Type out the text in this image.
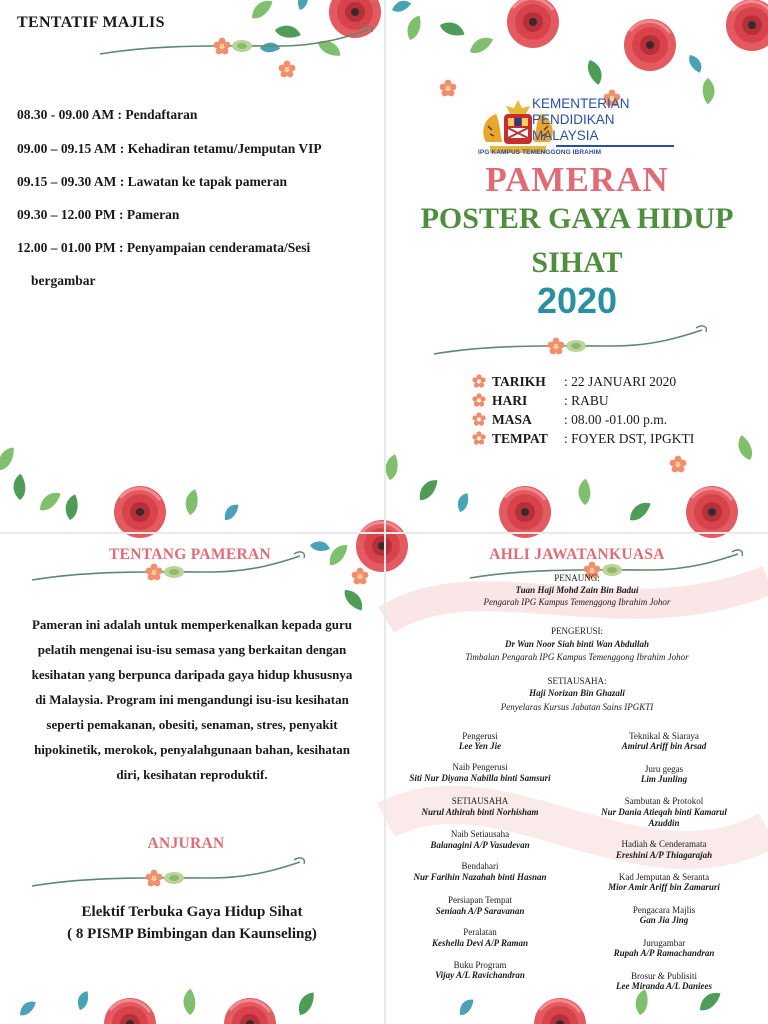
TENTATIF MAJLIS
08.30 - 09.00 AM : Pendaftaran
09.00 – 09.15 AM : Kehadiran tetamu/Jemputan VIP
09.15 – 09.30 AM : Lawatan ke tapak pameran
09.30 – 12.00 PM : Pameran
12.00 – 01.00 PM : Penyampaian cenderamata/Sesi
bergambar
KEMENTERIAN
PENDIDIKAN
MALAYSIA
IPG KAMPUS TEMENGGONG IBRAHIM
PAMERAN
POSTER GAYA HIDUP
SIHAT
2020
TARIKH : 22 JANUARI 2020
HARI	: RABU
MASA : 08.00 -01.00 p.m.
TEMPAT : FOYER DST, IPGKTI
TENTANG PAMERAN
Pameran ini adalah untuk memperkenalkan kepada guru
pelatih mengenai isu-isu semasa yang berkaitan dengan
kesihatan yang berpunca daripada gaya hidup khususnya
di Malaysia. Program ini mengandungi isu-isu kesihatan
seperti pemakanan, obesiti, senaman, stres, penyakit
hipokinetik, merokok, penyalahgunaan bahan, kesihatan
diri, kesihatan reproduktif.
ANJURAN
Elektif Terbuka Gaya Hidup Sihat
( 8 PISMP Bimbingan dan Kaunseling)
AHLI JAWATANKUASA
PENAUNG:
Tuan Haji Mohd Zain Bin Badui
Pengarah IPG Kampus Temenggong Ibrahim Johor
PENGERUSI:
Dr Wan Noor Siah binti Wan Abdullah
Timbalan Pengarah IPG Kampus Temenggong Ibrahim Johor
SETIAUSAHA:
Haji Norizan Bin Ghazali
Penyelaras Kursus Jabatan Sains IPGKTI
Pengerusi
Lee Yen Jie
Naib Pengerusi
Siti Nur Diyana Nabilla binti Samsuri
SETIAUSAHA
Nurul Athirah binti Norhisham
Naib Setiausaha
Balanagini A/P Vasudevan
Bendahari
Nur Farihin Nazahah binti Hasnan
Persiapan Tempat
Seniaah A/P Saravanan
Peralatan
Keshella Devi A/P Raman
Buku Program
Vijay A/L Ravichandran
Teknikal & Siaraya
Amirul Ariff bin Arsad
Juru gegas
Lim Junling
Sambutan & Protokol
Nur Dania Atieqah binti Kamarul
Azuddin
Hadiah & Cenderamata
Ereshini A/P Thiagarajah
Kad Jemputan & Seranta
Mior Amir Ariff bin Zamaruri
Pengacara Majlis
Gan Jia Jing
Jurugambar
Rupah A/P Ramachandran
Brosur & Publisiti
Lee Miranda A/L Daniees
